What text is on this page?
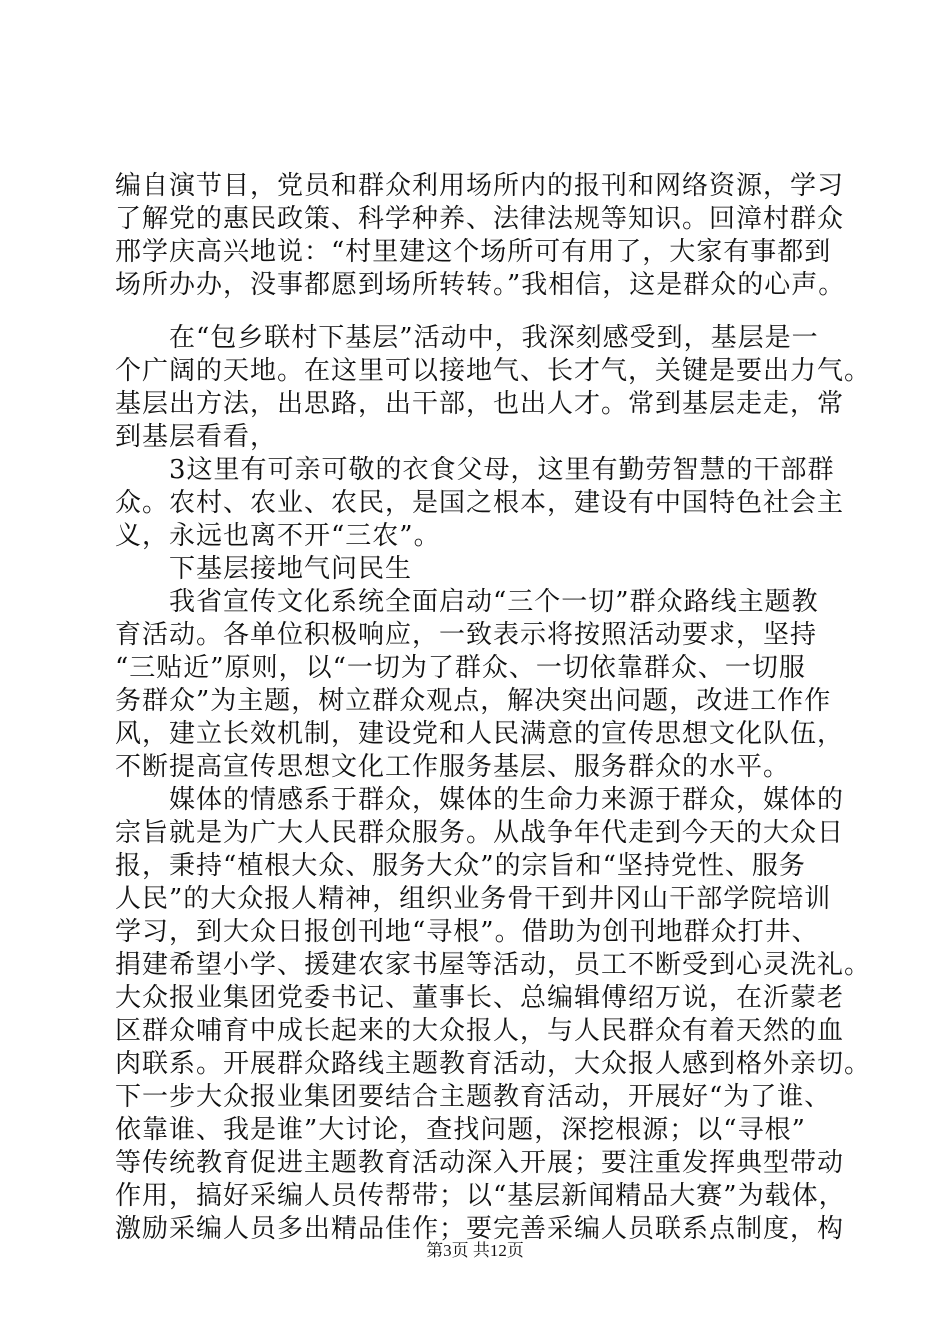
编自演节目，党员和群众利用场所内的报刊和网络资源，学习
了解党的惠民政策、科学种养、法律法规等知识。回漳村群众
邢学庆高兴地说：“村里建这个场所可有用了，大家有事都到
场所办办，没事都愿到场所转转。”我相信，这是群众的心声。
　　在“包乡联村下基层”活动中，我深刻感受到，基层是一
个广阔的天地。在这里可以接地气、长才气，关键是要出力气。
基层出方法，出思路，出干部，也出人才。常到基层走走，常
到基层看看，
　　3这里有可亲可敬的衣食父母，这里有勤劳智慧的干部群
众。农村、农业、农民，是国之根本，建设有中国特色社会主
义，永远也离不开“三农”。
　　下基层接地气问民生
　　我省宣传文化系统全面启动“三个一切”群众路线主题教
育活动。各单位积极响应，一致表示将按照活动要求，坚持
“三贴近”原则，以“一切为了群众、一切依靠群众、一切服
务群众”为主题，树立群众观点，解决突出问题，改进工作作
风，建立长效机制，建设党和人民满意的宣传思想文化队伍，
不断提高宣传思想文化工作服务基层、服务群众的水平。
　　媒体的情感系于群众，媒体的生命力来源于群众，媒体的
宗旨就是为广大人民群众服务。从战争年代走到今天的大众日
报，秉持“植根大众、服务大众”的宗旨和“坚持党性、服务
人民”的大众报人精神，组织业务骨干到井冈山干部学院培训
学习，到大众日报创刊地“寻根”。借助为创刊地群众打井、
捐建希望小学、援建农家书屋等活动，员工不断受到心灵洗礼。
大众报业集团党委书记、董事长、总编辑傅绍万说，在沂蒙老
区群众哺育中成长起来的大众报人，与人民群众有着天然的血
肉联系。开展群众路线主题教育活动，大众报人感到格外亲切。
下一步大众报业集团要结合主题教育活动，开展好“为了谁、
依靠谁、我是谁”大讨论，查找问题，深挖根源；以“寻根”
等传统教育促进主题教育活动深入开展；要注重发挥典型带动
作用，搞好采编人员传帮带；以“基层新闻精品大赛”为载体，
激励采编人员多出精品佳作；要完善采编人员联系点制度，构
第3页 共12页
